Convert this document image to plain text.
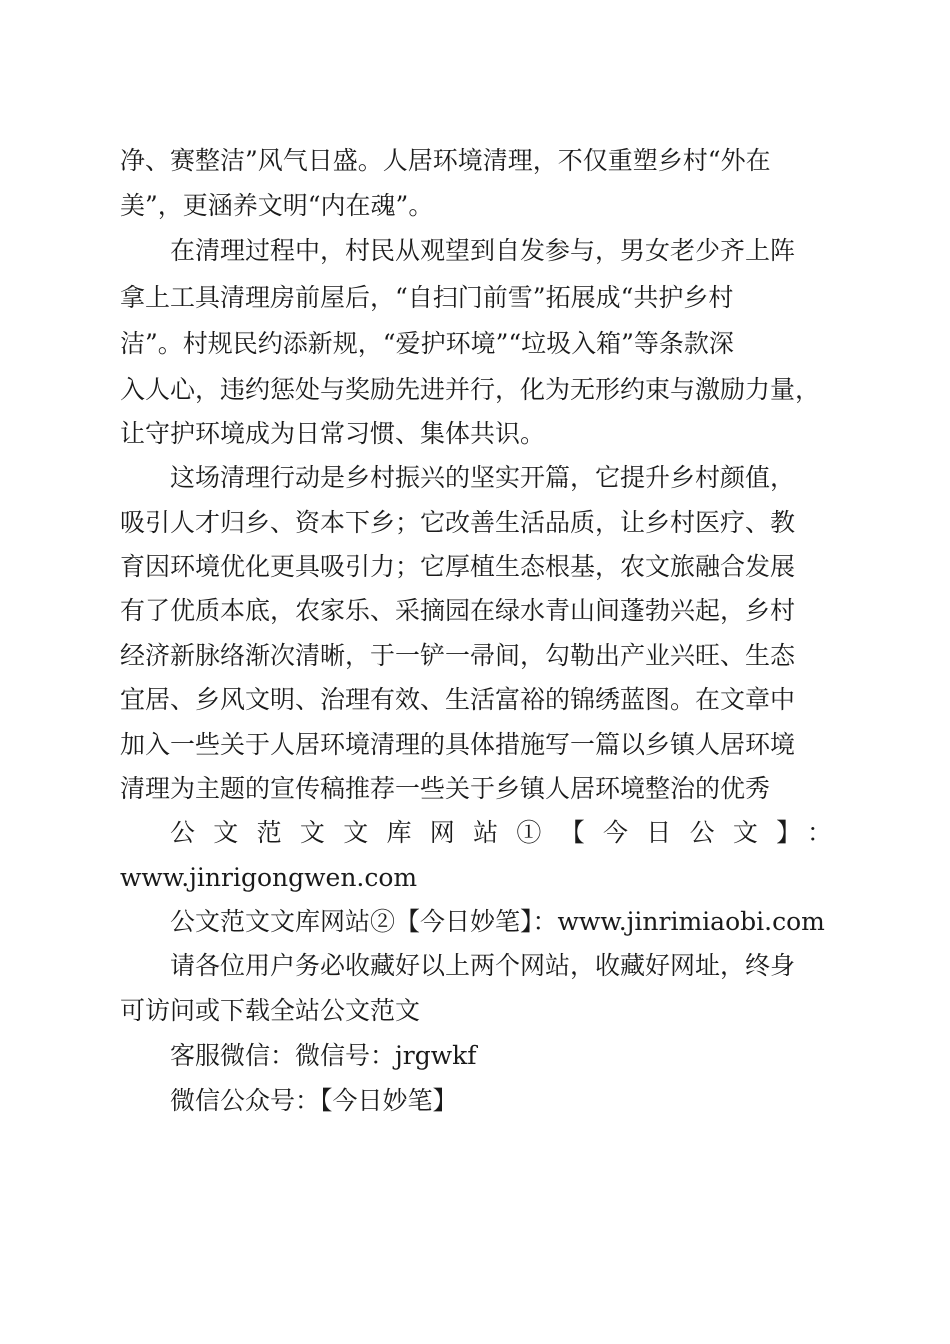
净、赛整洁”风气日盛。人居环境清理，不仅重塑乡村“外在

美”，更涵养文明“内在魂”。

在清理过程中，村民从观望到自发参与，男女老少齐上阵

拿上工具清理房前屋后，“自扫门前雪”拓展成“共护乡村

洁”。村规民约添新规，“爱护环境”“垃圾入箱”等条款深

入人心，违约惩处与奖励先进并行，化为无形约束与激励力量，

让守护环境成为日常习惯、集体共识。

这场清理行动是乡村振兴的坚实开篇，它提升乡村颜值，

吸引人才归乡、资本下乡；它改善生活品质，让乡村医疗、教

育因环境优化更具吸引力；它厚植生态根基，农文旅融合发展

有了优质本底，农家乐、采摘园在绿水青山间蓬勃兴起，乡村

经济新脉络渐次清晰，于一铲一帚间，勾勒出产业兴旺、生态

宜居、乡风文明、治理有效、生活富裕的锦绣蓝图。在文章中

加入一些关于人居环境清理的具体措施写一篇以乡镇人居环境

清理为主题的宣传稿推荐一些关于乡镇人居环境整治的优秀

公文范文文库网站①【今日公文】：

www.jinrigongwen.com

公文范文文库网站②【今日妙笔】：www.jinrimiaobi.com

请各位用户务必收藏好以上两个网站，收藏好网址，终身

可访问或下载全站公文范文

客服微信：微信号：jrgwkf

微信公众号：【今日妙笔】
